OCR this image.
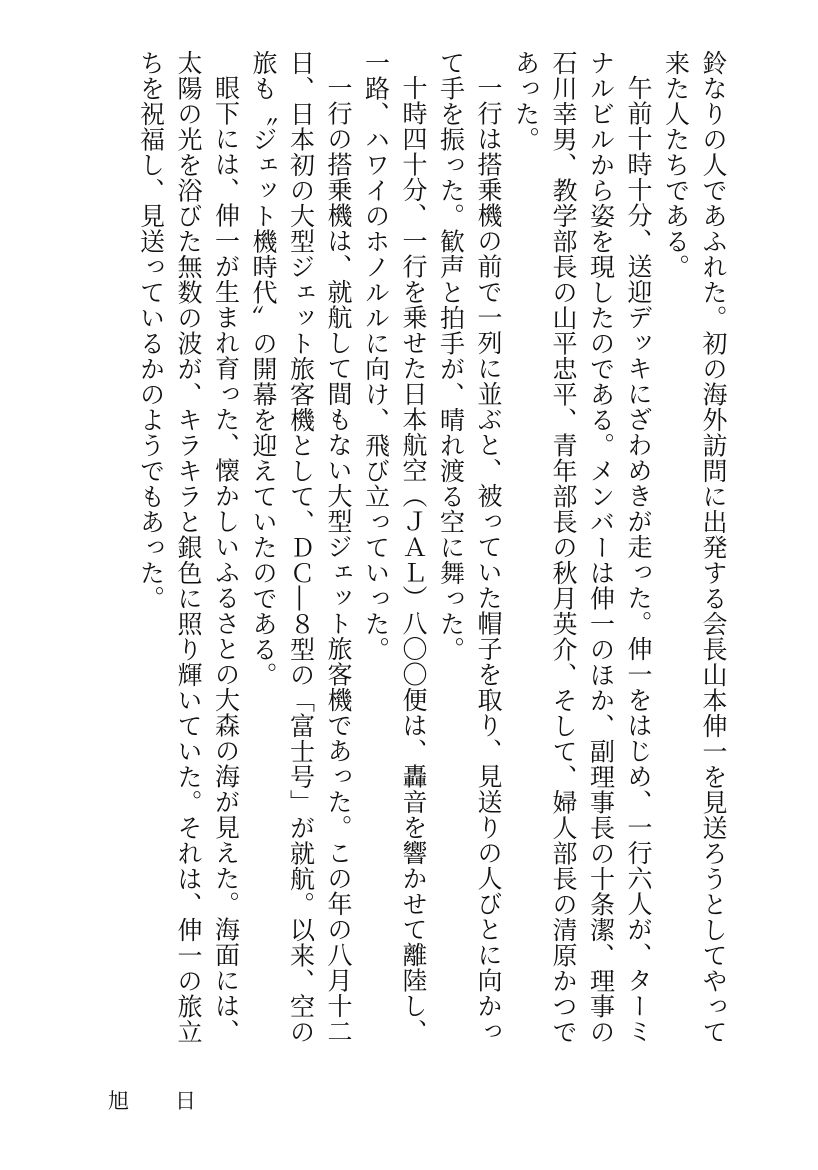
鈴なりの人であふれた。初の海外訪問に出発する会長山本伸一を見送ろうとしてやって来た人たちである。

午前十時十分、送迎デッキにざわめきが走った。伸一をはじめ、一行六人が、ターミナルビルから姿を現したのである。メンバーは伸一のほか、副理事長の十条潔、理事の石川幸男、教学部長の山平忠平、青年部長の秋月英介、そして、婦人部長の清原かつであった。

一行は搭乗機の前で一列に並ぶと、被っていた帽子を取り、見送りの人びとに向かって手を振った。歓声と拍手が、晴れ渡る空に舞った。

十時四十分、一行を乗せた日本航空（ＪＡＬ）八〇〇便は、轟音を響かせて離陸し、一路、ハワイのホノルルに向け、飛び立っていった。

一行の搭乗機は、就航して間もない大型ジェット旅客機であった。この年の八月十二日、日本初の大型ジェット旅客機として、ＤＣ―８型の「富士号」が就航。以来、空の旅も〝ジェット機時代〟の開幕を迎えていたのである。

眼下には、伸一が生まれ育った、懐かしいふるさとの大森の海が見えた。海面には、太陽の光を浴びた無数の波が、キラキラと銀色に照り輝いていた。それは、伸一の旅立ちを祝福し、見送っているかのようでもあった。

旭 日
